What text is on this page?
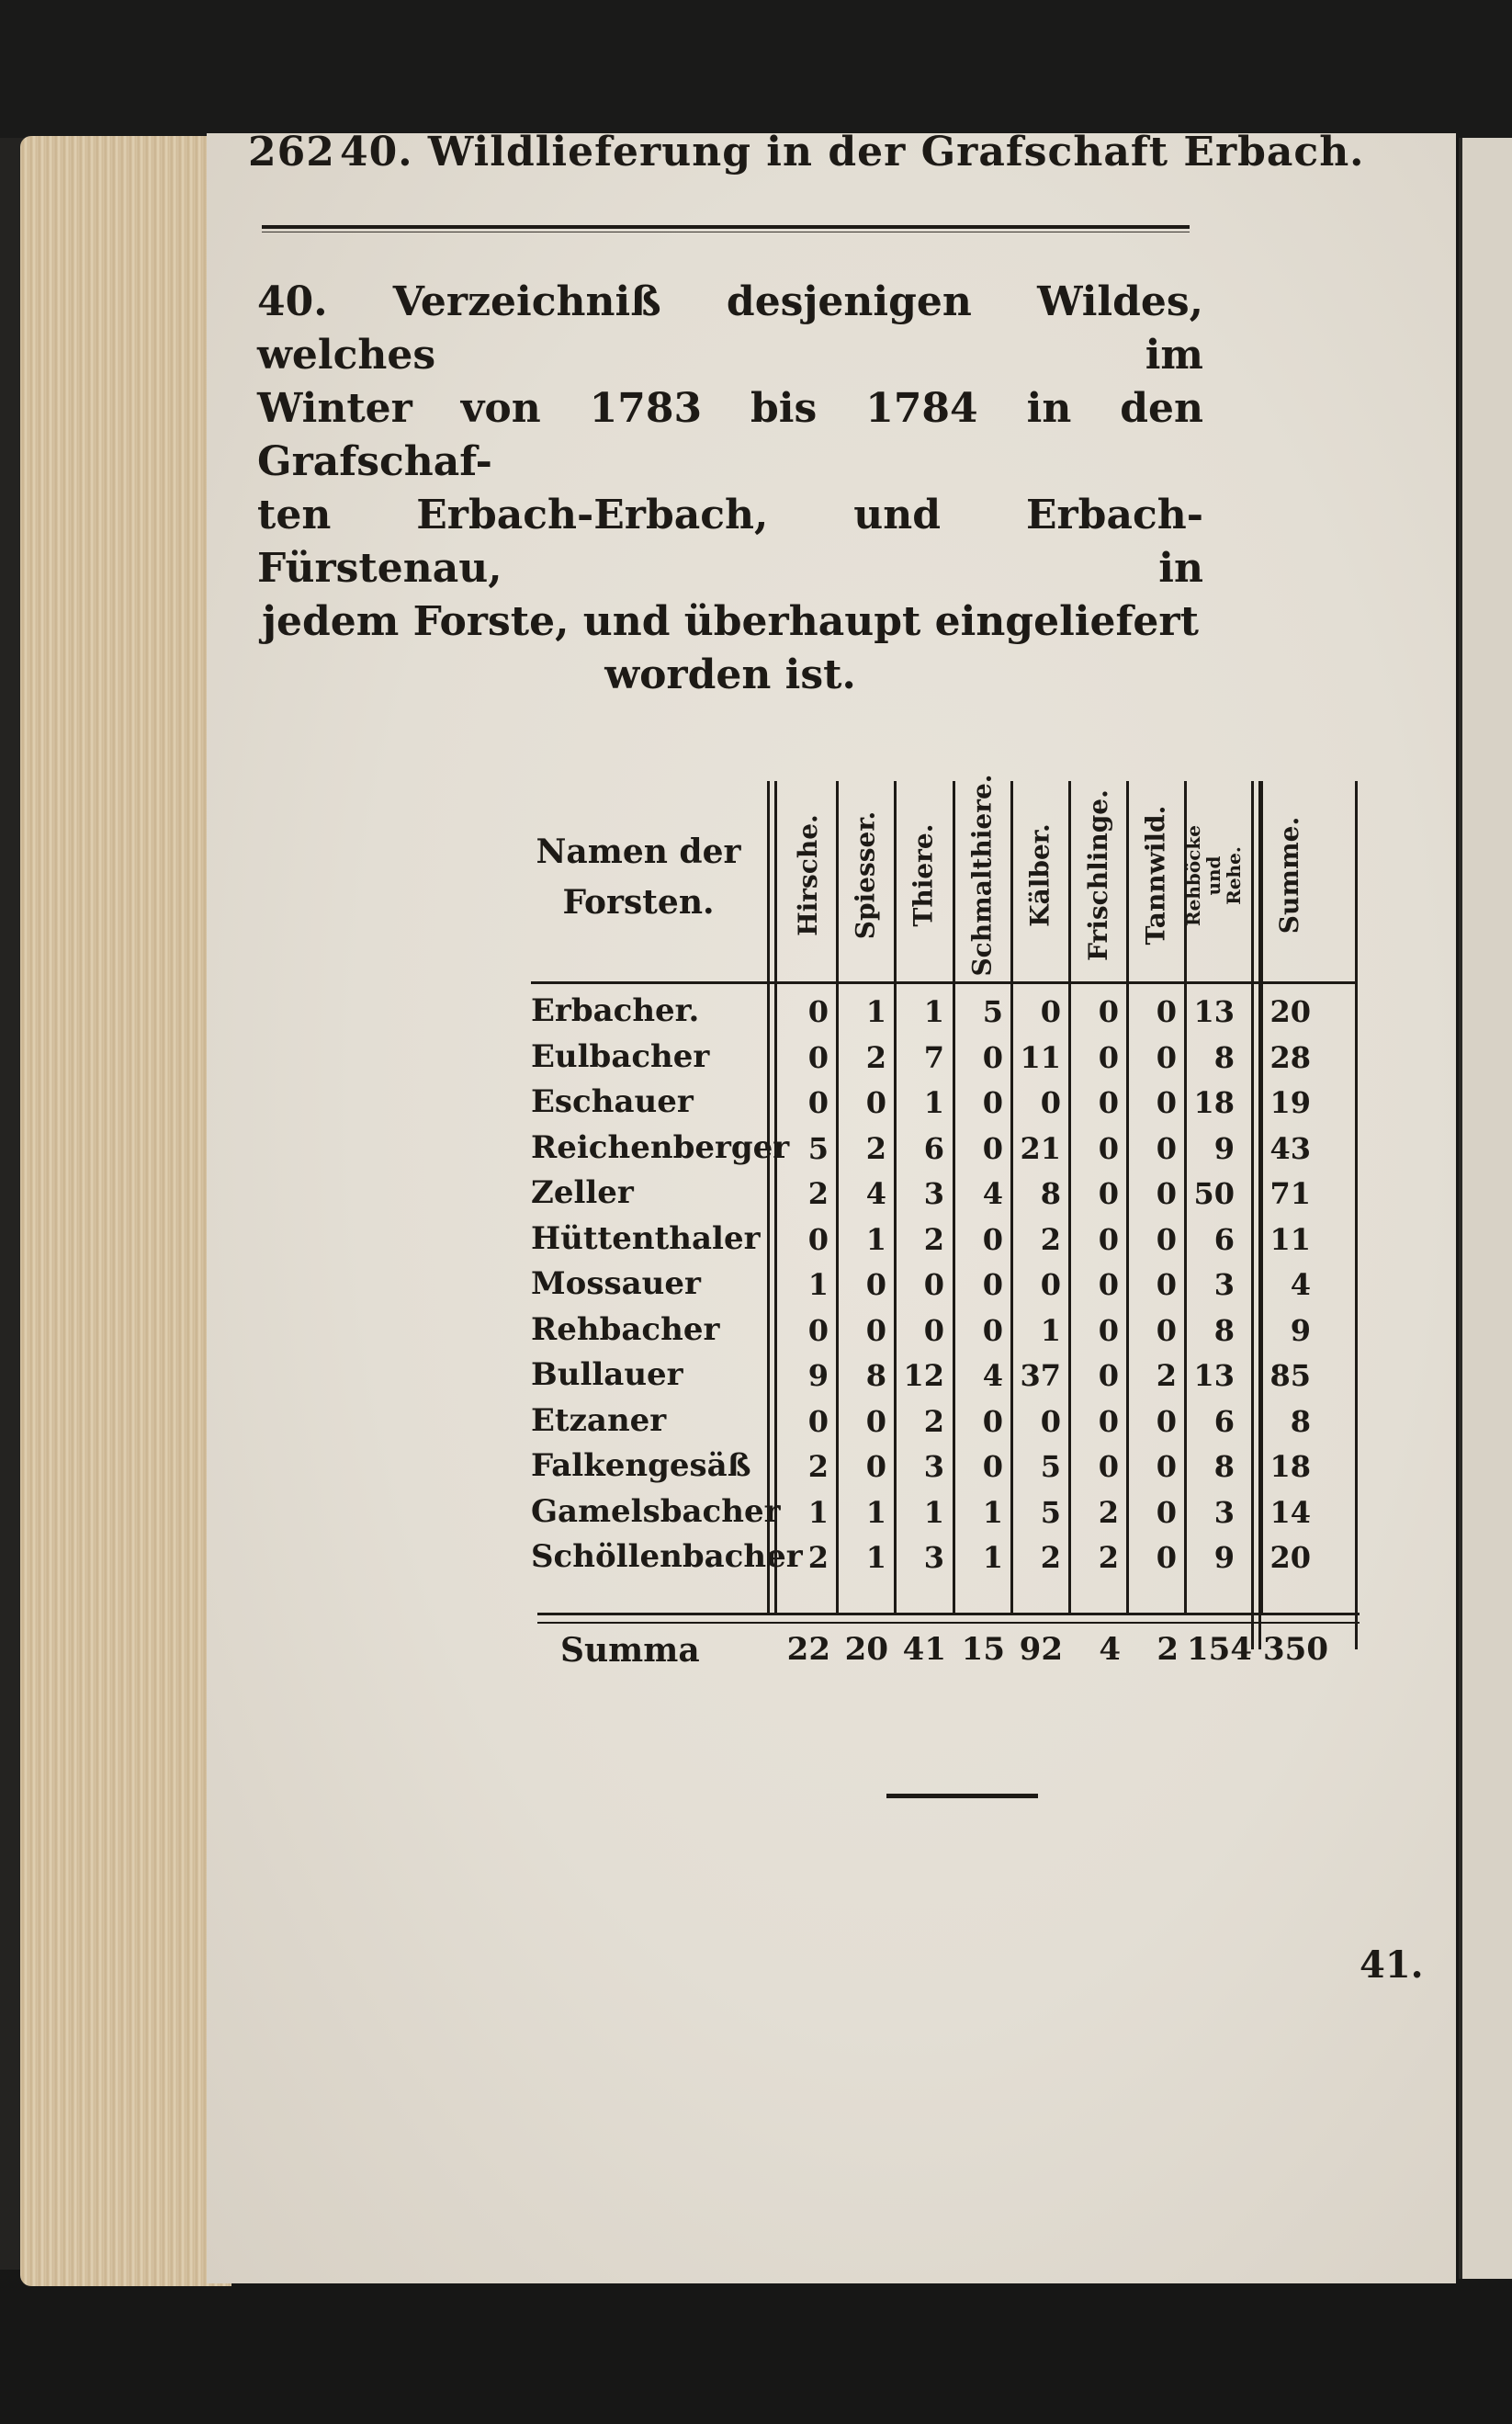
262 40. Wildlieferung in der Grafschaft Erbach.
40. Verzeichniß desjenigen Wildes, welches im
Winter von 1783 bis 1784 in den Grafschaf-
ten Erbach-Erbach, und Erbach-Fürstenau, in
jedem Forste, und überhaupt eingeliefert
worden ist.
Namen der
Forsten.	Hirsche. Spiesser. Thiere. Schmalthiere. Kälber. Frischlinge. Tannwild. Rehböcke und Rehe. Summe.
Erbacher.	0	1	1	5	0	0	0 13 20
Eulbacher	0	2	7	0 11	0	0	8 28
Eschauer	0	0	1	0	0	0	0 18 19
Reichenberger 5	2	6	0 21	0	0	9 43
Zeller	2	4	3	4	8	0	0 50 71
Hüttenthaler	0	1	2	0	2	0	0	6 11
Mossauer	1	0	0	0	0	0	0	3	4
Rehbacher	0	0	0	0	1	0	0	8	9
Bullauer	9	8 12	4 37	0	2 13 85
Etzaner	0	0	2	0	0	0	0	6	8
Falkengesäß	2	0	3	0	5	0	0	8 18
Gamelsbacher 1	1	1	1	5	2	0	3 14
Schöllenbacher 2	1	3	1	2	2	0	9 20
Summa	22 20 41 15 92	4	2 154 350
41.
